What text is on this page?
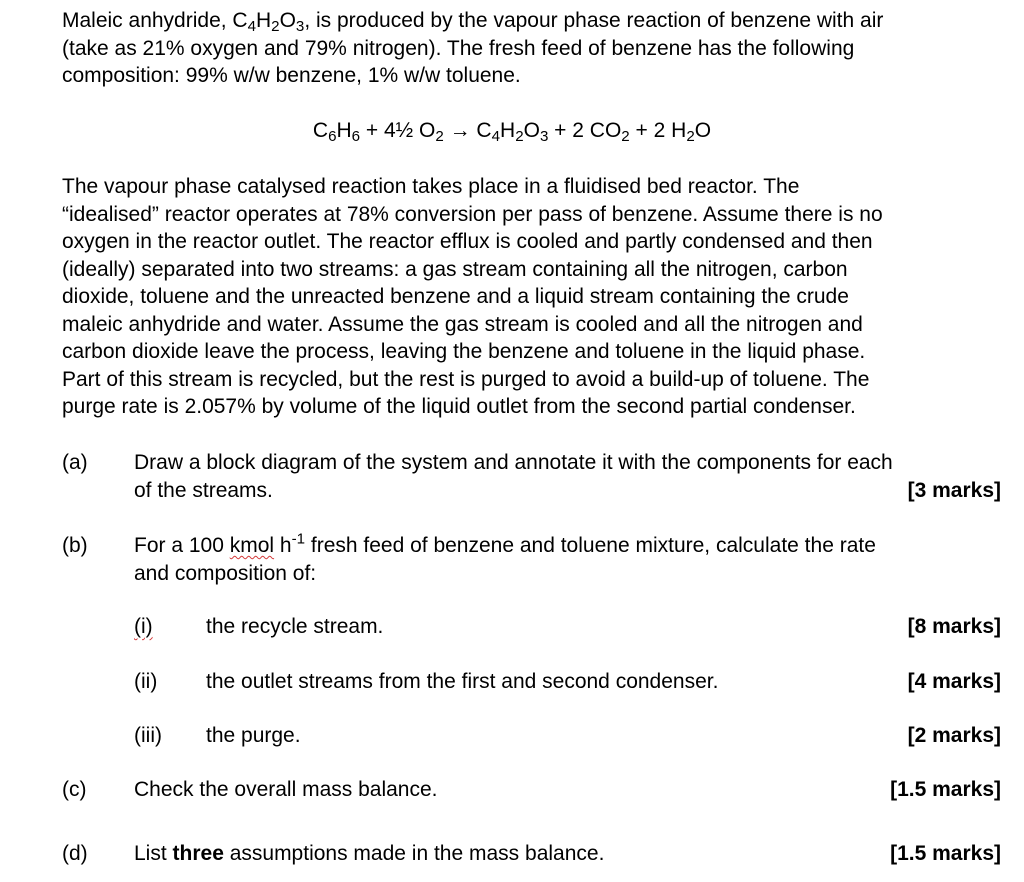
Maleic anhydride, $C_4H_2O_3$, is produced by the vapour phase reaction of benzene with air
(take as 21% oxygen and 79% nitrogen). The fresh feed of benzene has the following
composition: 99% w/w benzene, 1% w/w toluene.
$C_6H_6$ + 4½ $O_2 \to C_4H_2O_3 + 2$ $CO_2 + 2$ $H_2O$
The vapour phase catalysed reaction takes place in a fluidised bed reactor. The
“idealised” reactor operates at 78% conversion per pass of benzene. Assume there is no
oxygen in the reactor outlet. The reactor efflux is cooled and partly condensed and then
(ideally) separated into two streams: a gas stream containing all the nitrogen, carbon
dioxide, toluene and the unreacted benzene and a liquid stream containing the crude
maleic anhydride and water. Assume the gas stream is cooled and all the nitrogen and
carbon dioxide leave the process, leaving the benzene and toluene in the liquid phase.
Part of this stream is recycled, but the rest is purged to avoid a build-up of toluene. The
purge rate is 2.057% by volume of the liquid outlet from the second partial condenser.
(a) Draw a block diagram of the system and annotate it with the components for each
of the streams.	[3 marks]
(b) For a 100 kmol $h^{-1}$ fresh feed of benzene and toluene mixture, calculate the rate
and composition of:
(i)	the recycle stream.	[8 marks]
(ii) the outlet streams from the first and second condenser.	[4 marks]
(iii) the purge.	[2 marks]
(c) Check the overall mass balance.	[1.5 marks]
(d) List three assumptions made in the mass balance.	[1.5 marks]
